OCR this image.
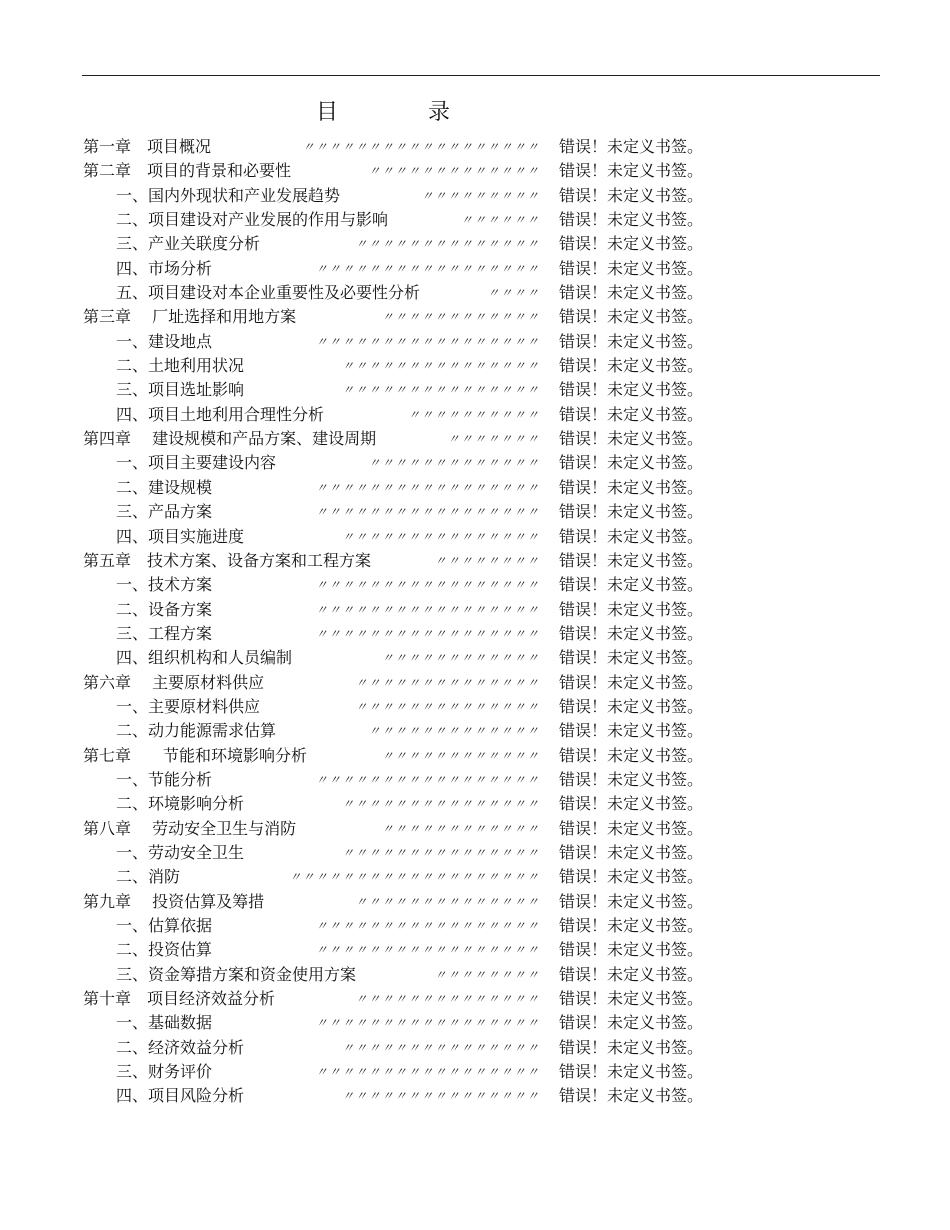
目　录
第一章　项目概况	〃〃〃〃〃〃〃〃〃〃〃〃〃〃〃〃〃〃 错误！未定义书签。
第二章　项目的背景和必要性	〃〃〃〃〃〃〃〃〃〃〃〃〃 错误！未定义书签。
一、国内外现状和产业发展趋势	〃〃〃〃〃〃〃〃〃 错误！未定义书签。
二、项目建设对产业发展的作用与影响	〃〃〃〃〃〃 错误！未定义书签。
三、产业关联度分析	〃〃〃〃〃〃〃〃〃〃〃〃〃〃 错误！未定义书签。
四、市场分析	〃〃〃〃〃〃〃〃〃〃〃〃〃〃〃〃〃 错误！未定义书签。
五、项目建设对本企业重要性及必要性分析	〃〃〃〃 错误！未定义书签。
第三章　 厂址选择和用地方案	〃〃〃〃〃〃〃〃〃〃〃〃 错误！未定义书签。
一、建设地点	〃〃〃〃〃〃〃〃〃〃〃〃〃〃〃〃〃 错误！未定义书签。
二、土地利用状况	〃〃〃〃〃〃〃〃〃〃〃〃〃〃〃 错误！未定义书签。
三、项目选址影响	〃〃〃〃〃〃〃〃〃〃〃〃〃〃〃 错误！未定义书签。
四、项目土地利用合理性分析	〃〃〃〃〃〃〃〃〃〃 错误！未定义书签。
第四章　 建设规模和产品方案、建设周期	〃〃〃〃〃〃〃 错误！未定义书签。
一、项目主要建设内容	〃〃〃〃〃〃〃〃〃〃〃〃〃 错误！未定义书签。
二、建设规模	〃〃〃〃〃〃〃〃〃〃〃〃〃〃〃〃〃 错误！未定义书签。
三、产品方案	〃〃〃〃〃〃〃〃〃〃〃〃〃〃〃〃〃 错误！未定义书签。
四、项目实施进度	〃〃〃〃〃〃〃〃〃〃〃〃〃〃〃 错误！未定义书签。
第五章　技术方案、设备方案和工程方案	〃〃〃〃〃〃〃〃 错误！未定义书签。
一、技术方案	〃〃〃〃〃〃〃〃〃〃〃〃〃〃〃〃〃 错误！未定义书签。
二、设备方案	〃〃〃〃〃〃〃〃〃〃〃〃〃〃〃〃〃 错误！未定义书签。
三、工程方案	〃〃〃〃〃〃〃〃〃〃〃〃〃〃〃〃〃 错误！未定义书签。
四、组织机构和人员编制	〃〃〃〃〃〃〃〃〃〃〃〃 错误！未定义书签。
第六章　 主要原材料供应	〃〃〃〃〃〃〃〃〃〃〃〃〃〃 错误！未定义书签。
一、主要原材料供应	〃〃〃〃〃〃〃〃〃〃〃〃〃〃 错误！未定义书签。
二、动力能源需求估算	〃〃〃〃〃〃〃〃〃〃〃〃〃 错误！未定义书签。
第七章　　节能和环境影响分析	〃〃〃〃〃〃〃〃〃〃〃〃 错误！未定义书签。
一、节能分析	〃〃〃〃〃〃〃〃〃〃〃〃〃〃〃〃〃 错误！未定义书签。
二、环境影响分析	〃〃〃〃〃〃〃〃〃〃〃〃〃〃〃 错误！未定义书签。
第八章　 劳动安全卫生与消防	〃〃〃〃〃〃〃〃〃〃〃〃 错误！未定义书签。
一、劳动安全卫生	〃〃〃〃〃〃〃〃〃〃〃〃〃〃〃 错误！未定义书签。
二、消防	〃〃〃〃〃〃〃〃〃〃〃〃〃〃〃〃〃〃〃 错误！未定义书签。
第九章　 投资估算及筹措	〃〃〃〃〃〃〃〃〃〃〃〃〃〃 错误！未定义书签。
一、估算依据	〃〃〃〃〃〃〃〃〃〃〃〃〃〃〃〃〃 错误！未定义书签。
二、投资估算	〃〃〃〃〃〃〃〃〃〃〃〃〃〃〃〃〃 错误！未定义书签。
三、资金筹措方案和资金使用方案	〃〃〃〃〃〃〃〃 错误！未定义书签。
第十章　项目经济效益分析	〃〃〃〃〃〃〃〃〃〃〃〃〃〃 错误！未定义书签。
一、基础数据	〃〃〃〃〃〃〃〃〃〃〃〃〃〃〃〃〃 错误！未定义书签。
二、经济效益分析	〃〃〃〃〃〃〃〃〃〃〃〃〃〃〃 错误！未定义书签。
三、财务评价	〃〃〃〃〃〃〃〃〃〃〃〃〃〃〃〃〃 错误！未定义书签。
四、项目风险分析	〃〃〃〃〃〃〃〃〃〃〃〃〃〃〃 错误！未定义书签。
